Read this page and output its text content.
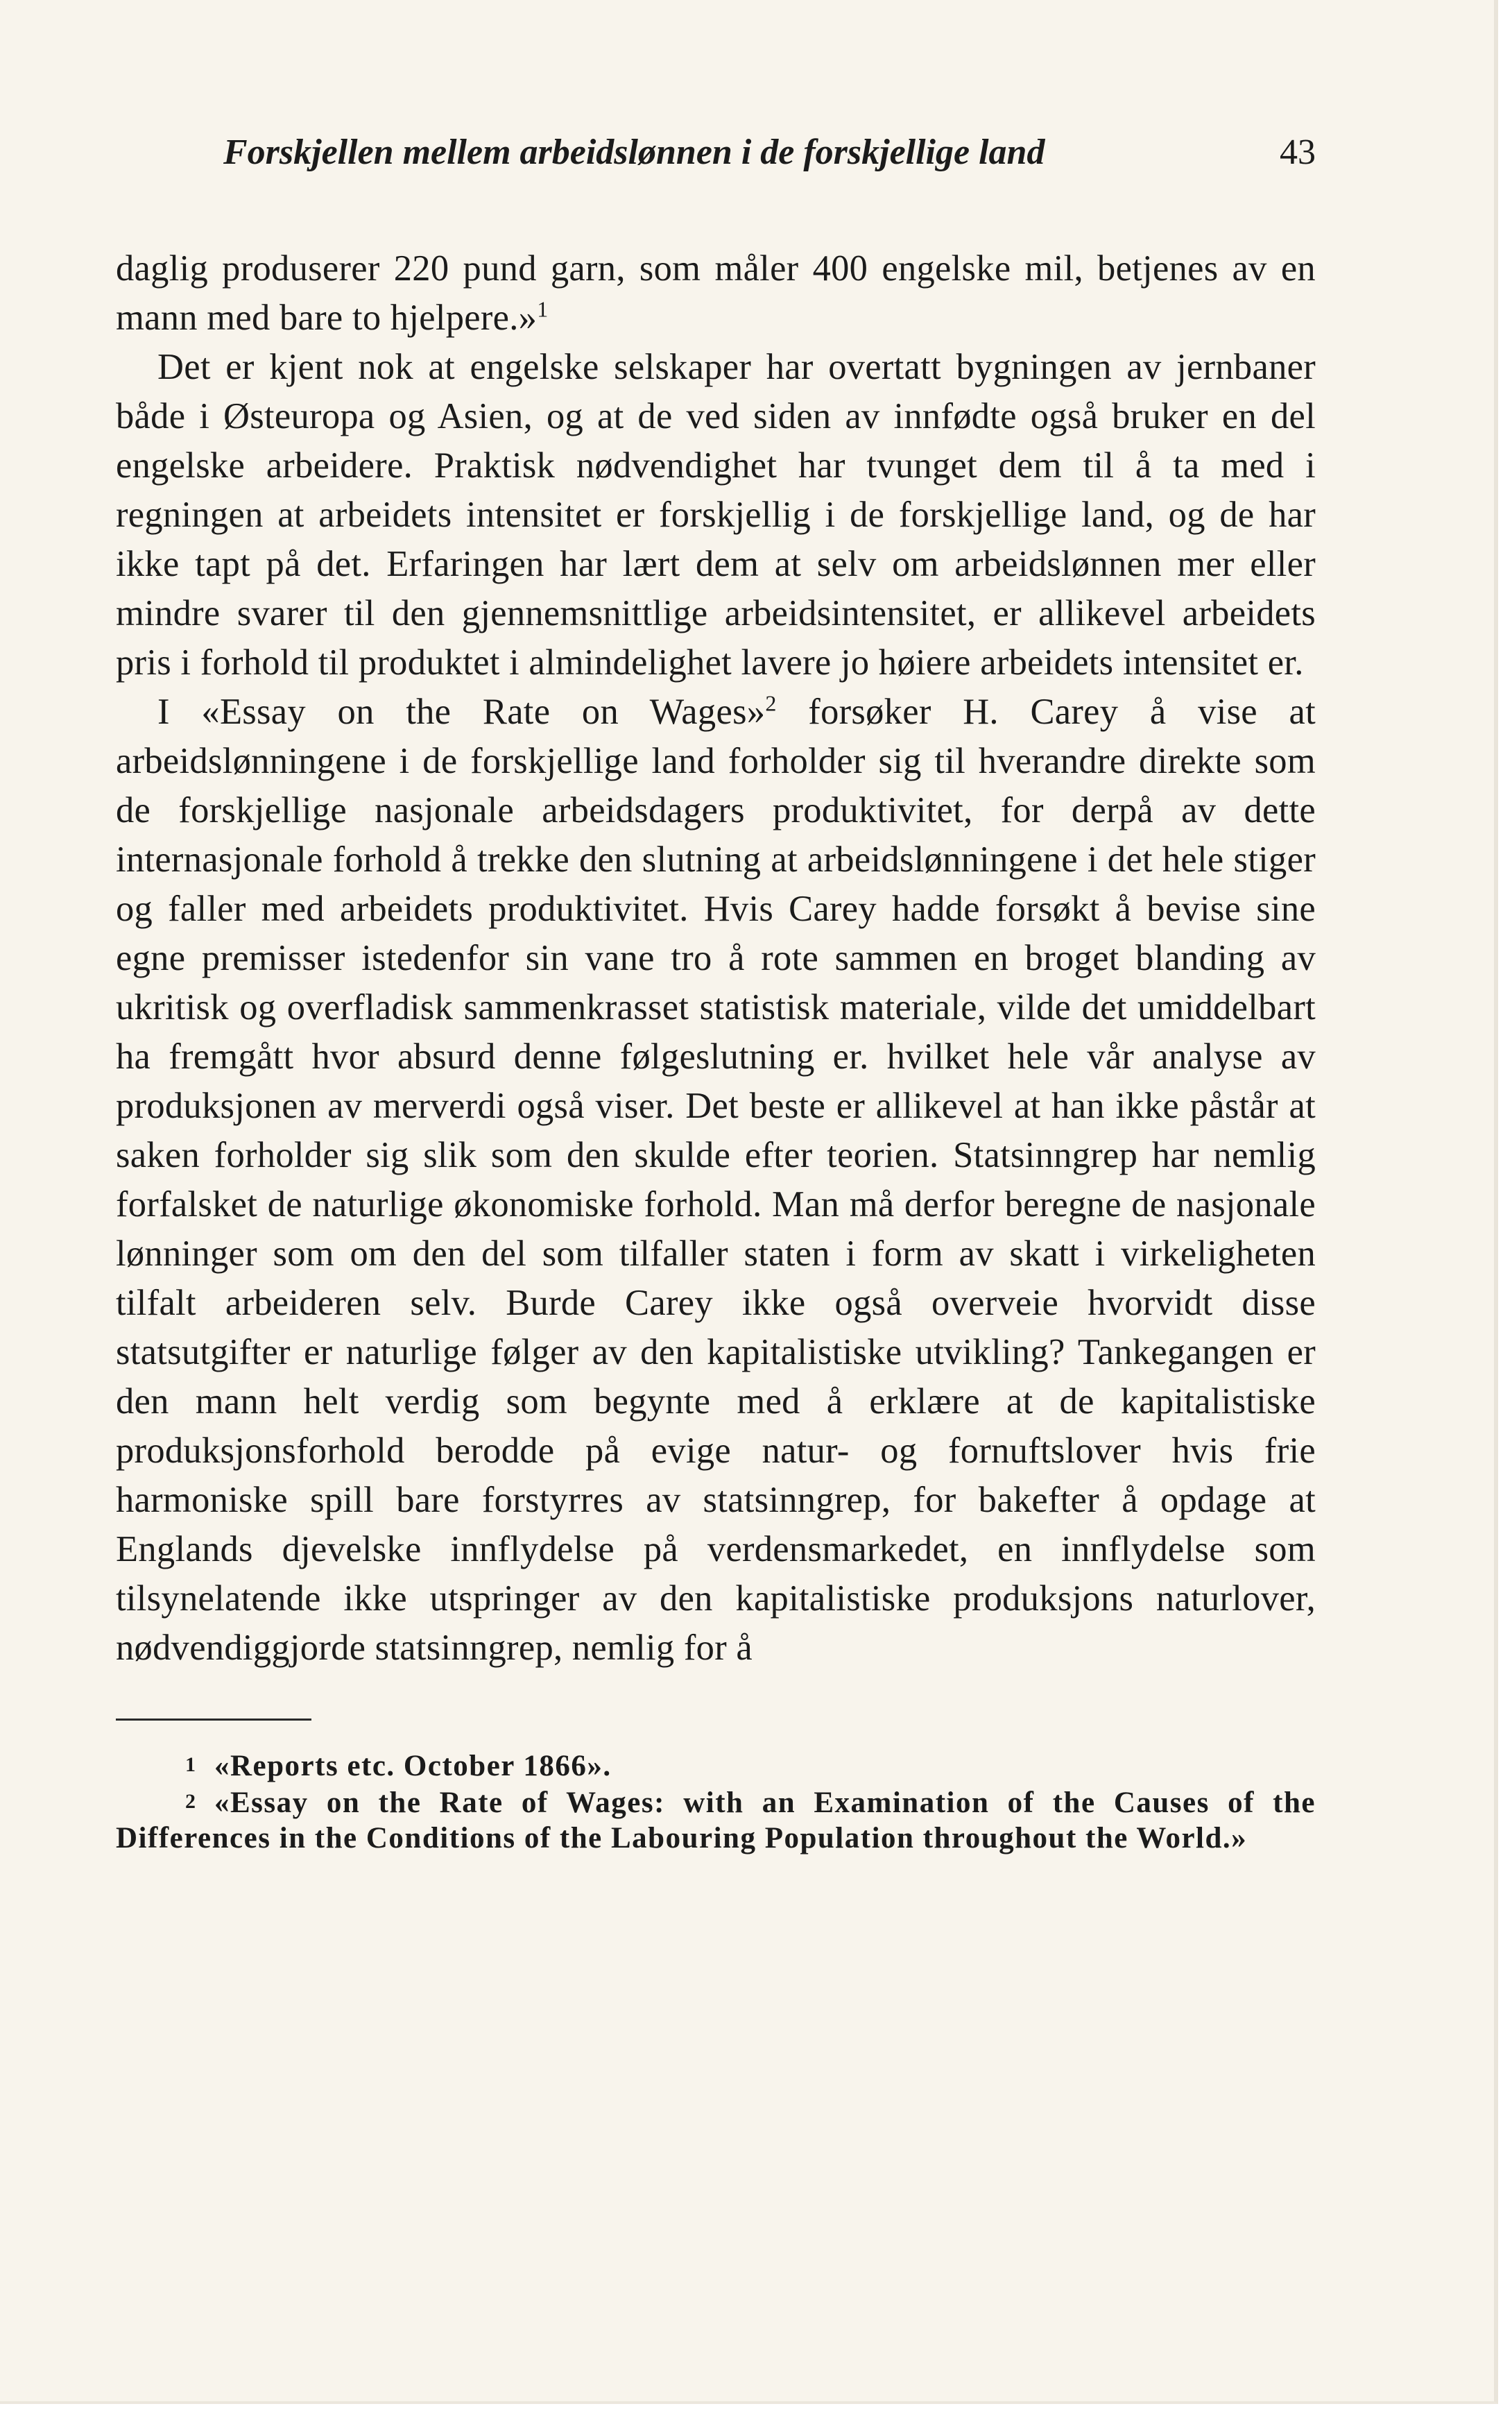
Forskjellen mellem arbeidslønnen i de forskjellige land	43

daglig produserer 220 pund garn, som måler 400 engelske mil, betjenes av en mann med bare to hjelpere.»$^1$

Det er kjent nok at engelske selskaper har overtatt bygningen av jernbaner både i Østeuropa og Asien, og at de ved siden av innfødte også bruker en del engelske arbeidere. Praktisk nødvendighet har tvunget dem til å ta med i regningen at arbeidets intensitet er forskjellig i de forskjellige land, og de har ikke tapt på det. Erfaringen har lært dem at selv om arbeidslønnen mer eller mindre svarer til den gjennemsnittlige arbeidsintensitet, er allikevel arbeidets pris i forhold til produktet i almindelighet lavere jo høiere arbeidets intensitet er.

I «Essay on the Rate on Wages»$^2$ forsøker H. Carey å vise at arbeidslønningene i de forskjellige land forholder sig til hverandre direkte som de forskjellige nasjonale arbeidsdagers produktivitet, for derpå av dette internasjonale forhold å trekke den slutning at arbeidslønningene i det hele stiger og faller med arbeidets produktivitet. Hvis Carey hadde forsøkt å bevise sine egne premisser istedenfor sin vane tro å rote sammen en broget blanding av ukritisk og overfladisk sammenkrasset statistisk materiale, vilde det umiddelbart ha fremgått hvor absurd denne følgeslutning er. hvilket hele vår analyse av produksjonen av merverdi også viser. Det beste er allikevel at han ikke påstår at saken forholder sig slik som den skulde efter teorien. Statsinngrep har nemlig forfalsket de naturlige økonomiske forhold. Man må derfor beregne de nasjonale lønninger som om den del som tilfaller staten i form av skatt i virkeligheten tilfalt arbeideren selv. Burde Carey ikke også overveie hvorvidt disse statsutgifter er naturlige følger av den kapitalistiske utvikling? Tankegangen er den mann helt verdig som begynte med å erklære at de kapitalistiske produksjonsforhold berodde på evige natur- og fornuftslover hvis frie harmoniske spill bare forstyrres av statsinngrep, for bakefter å opdage at Englands djevelske innflydelse på verdensmarkedet, en innflydelse som tilsynelatende ikke utspringer av den kapitalistiske produksjons naturlover, nødvendiggjorde statsinngrep, nemlig for å

1 «Reports etc. October 1866».

2 «Essay on the Rate of Wages: with an Examination of the Causes of the Differences in the Conditions of the Labouring Population throughout the World.»
